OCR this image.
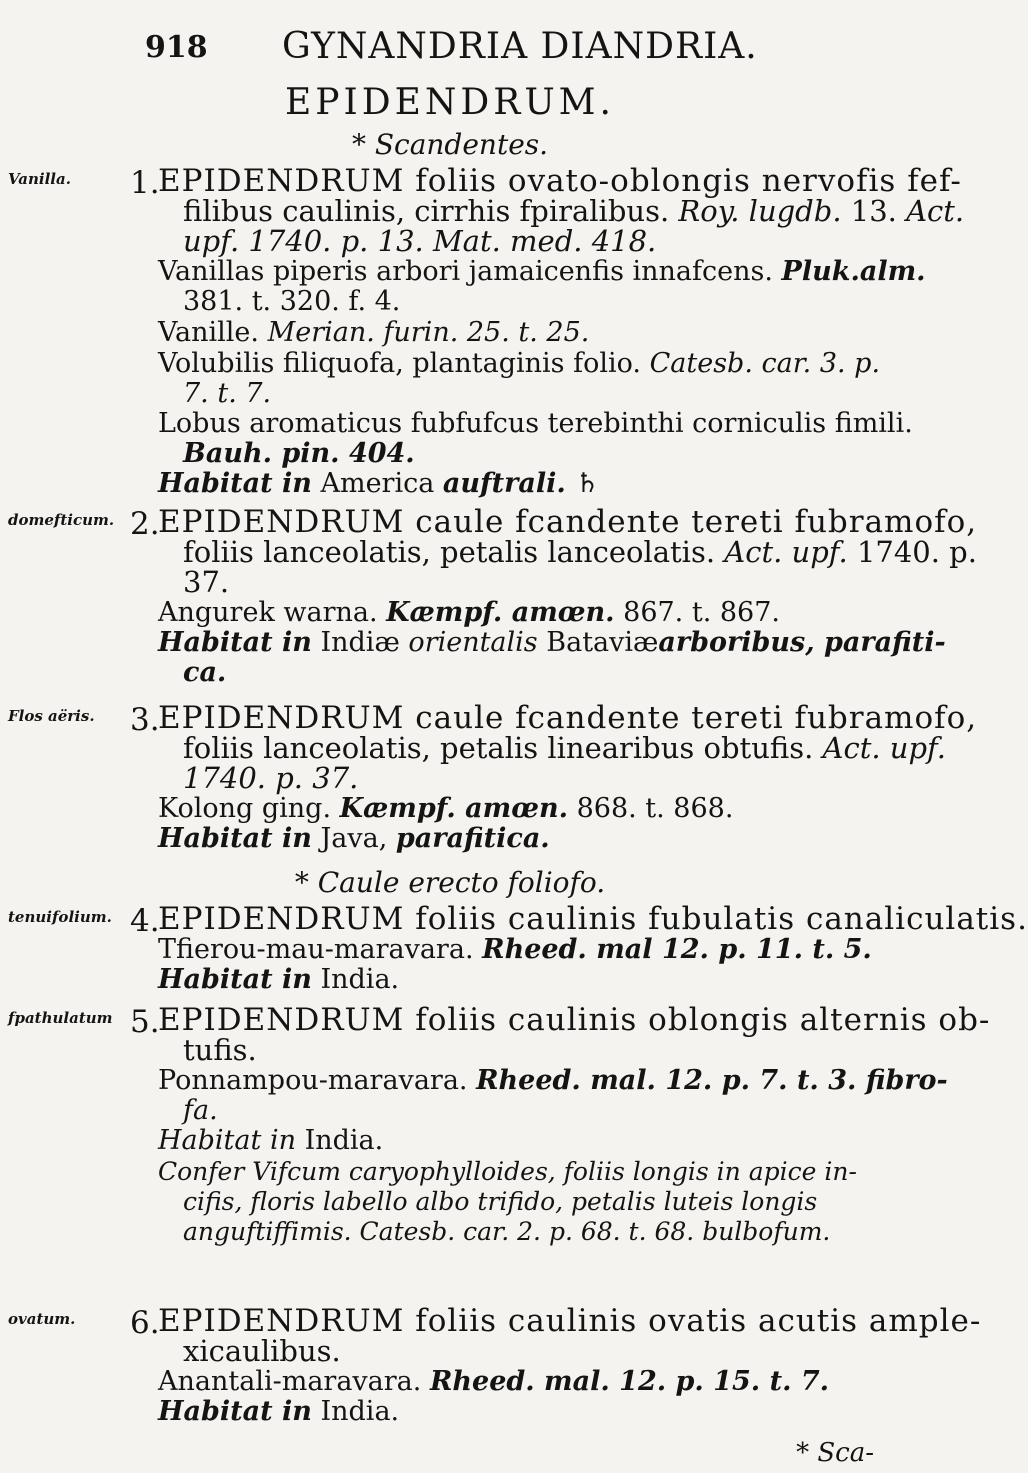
918 GYNANDRIA DIANDRIA.
EPIDENDRUM.
* Scandentes.
Vanilla. 1.
EPIDENDRUM foliis ovato-oblongis nervofis fef-
filibus caulinis, cirrhis fpiralibus. Roy. lugdb. 13. Act.
upf. 1740. p. 13. Mat. med. 418.
Vanillas piperis arbori jamaicenfis innafcens. Pluk.alm.
381. t. 320. f. 4.
Vanille. Merian. furin. 25. t. 25.
Volubilis filiquofa, plantaginis folio. Catesb. car. 3. p.
7. t. 7.
Lobus aromaticus fubfufcus terebinthi corniculis fimili.
Bauh. pin. 404.
Habitat in America auftrali. ♄
domefticum. 2.
EPIDENDRUM caule fcandente tereti fubramofo,
foliis lanceolatis, petalis lanceolatis. Act. upf. 1740. p.
37.
Angurek warna. Kæmpf. amœn. 867. t. 867.
Habitat in Indiæ orientalis Bataviæarboribus, parafiti-
ca.
Flos aëris. 3.
EPIDENDRUM caule fcandente tereti fubramofo,
foliis lanceolatis, petalis linearibus obtufis. Act. upf.
1740. p. 37.
Kolong ging. Kæmpf. amœn. 868. t. 868.
Habitat in Java, parafitica.
* Caule erecto foliofo.
tenuifolium. 4.
EPIDENDRUM foliis caulinis fubulatis canaliculatis.
Tfierou-mau-maravara. Rheed. mal 12. p. 11. t. 5.
Habitat in India.
fpathulatum 5.
EPIDENDRUM foliis caulinis oblongis alternis ob-
tufis.
Ponnampou-maravara. Rheed. mal. 12. p. 7. t. 3. fibro-
fa.
Habitat in India.
Confer Vifcum caryophylloides, foliis longis in apice in-
cifis, floris labello albo trifido, petalis luteis longis
anguftiffimis. Catesb. car. 2. p. 68. t. 68. bulbofum.
ovatum. 6.
EPIDENDRUM foliis caulinis ovatis acutis ample-
xicaulibus.
Anantali-maravara. Rheed. mal. 12. p. 15. t. 7.
Habitat in India.
* Sca-
